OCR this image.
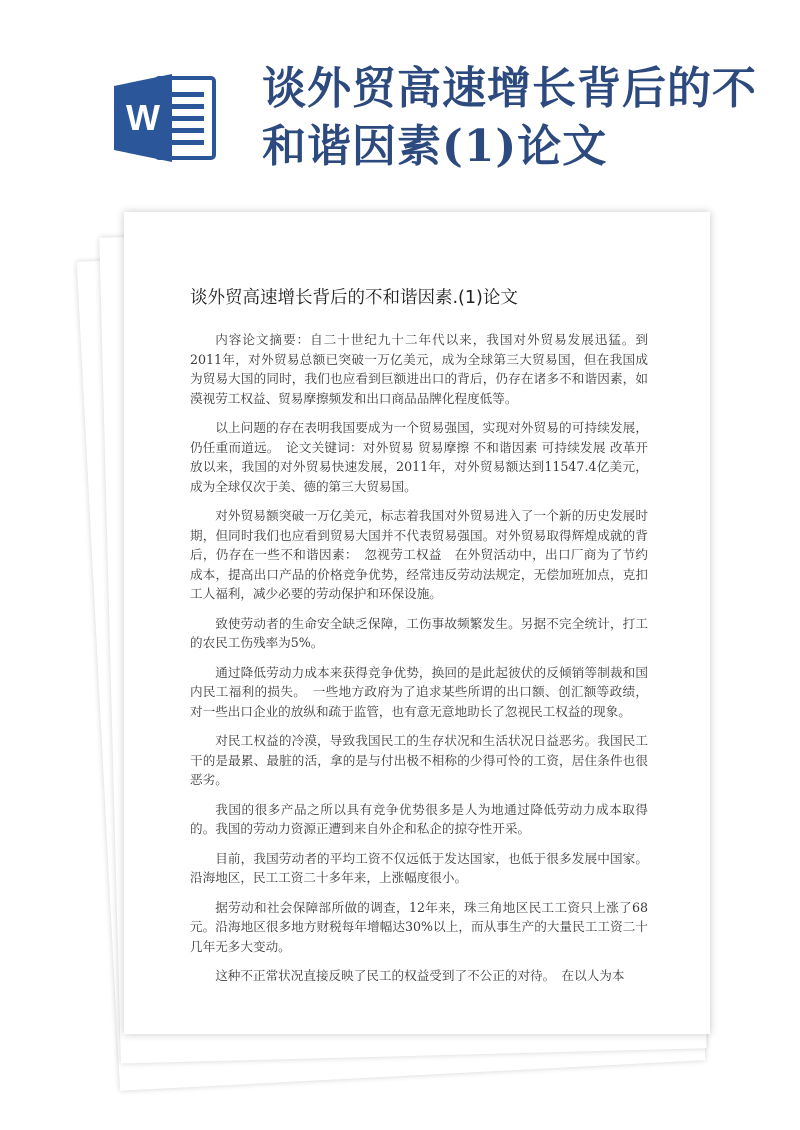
W
谈外贸高速增长背后的不和谐因素(1)论文
谈外贸高速增长背后的不和谐因素.(1)论文

内容论文摘要：自二十世纪九十二年代以来，我国对外贸易发展迅猛。到2011年，对外贸易总额已突破一万亿美元，成为全球第三大贸易国，但在我国成为贸易大国的同时，我们也应看到巨额进出口的背后，仍存在诸多不和谐因素，如漠视劳工权益、贸易摩擦频发和出口商品品牌化程度低等。

以上问题的存在表明我国要成为一个贸易强国，实现对外贸易的可持续发展，仍任重而道远。　论文关键词：对外贸易 贸易摩擦 不和谐因素 可持续发展 改革开放以来，我国的对外贸易快速发展，2011年，对外贸易额达到11547.4亿美元，成为全球仅次于美、德的第三大贸易国。

对外贸易额突破一万亿美元，标志着我国对外贸易进入了一个新的历史发展时期，但同时我们也应看到贸易大国并不代表贸易强国。对外贸易取得辉煌成就的背后，仍存在一些不和谐因素：　忽视劳工权益　在外贸活动中，出口厂商为了节约成本，提高出口产品的价格竞争优势，经常违反劳动法规定，无偿加班加点，克扣工人福利，减少必要的劳动保护和环保设施。

致使劳动者的生命安全缺乏保障，工伤事故频繁发生。另据不完全统计，打工的农民工伤残率为5%。

通过降低劳动力成本来获得竞争优势，换回的是此起彼伏的反倾销等制裁和国内民工福利的损失。　一些地方政府为了追求某些所谓的出口额、创汇额等政绩，对一些出口企业的放纵和疏于监管，也有意无意地助长了忽视民工权益的现象。

对民工权益的冷漠，导致我国民工的生存状况和生活状况日益恶劣。我国民工干的是最累、最脏的活，拿的是与付出极不相称的少得可怜的工资，居住条件也很恶劣。

我国的很多产品之所以具有竞争优势很多是人为地通过降低劳动力成本取得的。我国的劳动力资源正遭到来自外企和私企的掠夺性开采。

目前，我国劳动者的平均工资不仅远低于发达国家，也低于很多发展中国家。沿海地区，民工工资二十多年来，上涨幅度很小。

据劳动和社会保障部所做的调查，12年来，珠三角地区民工工资只上涨了68元。沿海地区很多地方财税每年增幅达30%以上，而从事生产的大量民工工资二十几年无多大变动。

这种不正常状况直接反映了民工的权益受到了不公正的对待。　在以人为本
